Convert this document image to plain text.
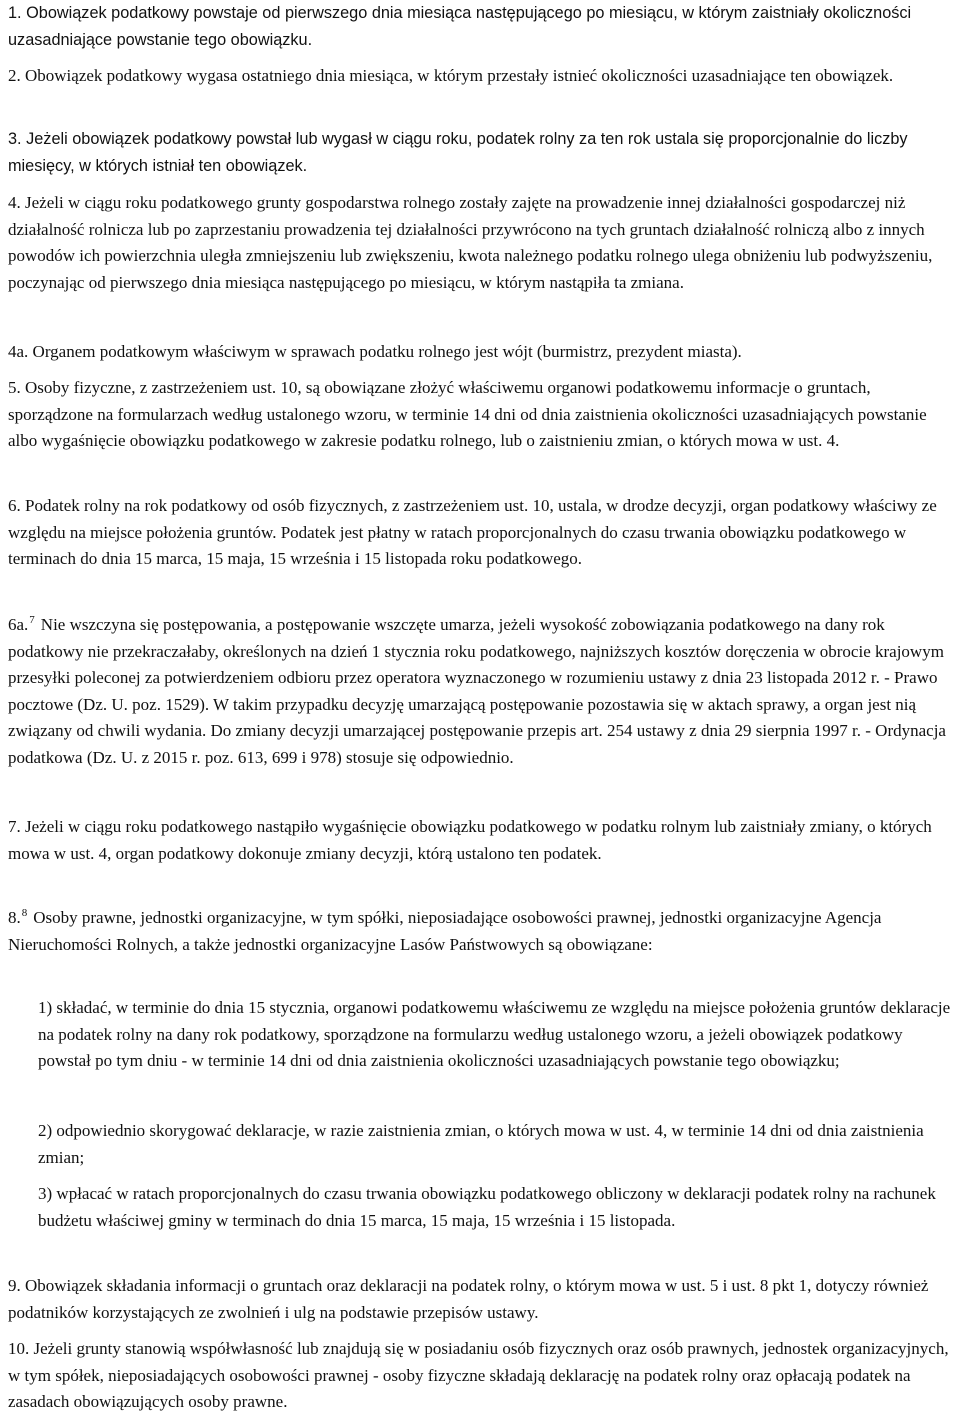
1. Obowiązek podatkowy powstaje od pierwszego dnia miesiąca następującego po miesiącu, w którym zaistniały okoliczności uzasadniające powstanie tego obowiązku.

2. Obowiązek podatkowy wygasa ostatniego dnia miesiąca, w którym przestały istnieć okoliczności uzasadniające ten obowiązek.

3. Jeżeli obowiązek podatkowy powstał lub wygasł w ciągu roku, podatek rolny za ten rok ustala się proporcjonalnie do liczby miesięcy, w których istniał ten obowiązek.

4. Jeżeli w ciągu roku podatkowego grunty gospodarstwa rolnego zostały zajęte na prowadzenie innej działalności gospodarczej niż działalność rolnicza lub po zaprzestaniu prowadzenia tej działalności przywrócono na tych gruntach działalność rolniczą albo z innych powodów ich powierzchnia uległa zmniejszeniu lub zwiększeniu, kwota należnego podatku rolnego ulega obniżeniu lub podwyższeniu, poczynając od pierwszego dnia miesiąca następującego po miesiącu, w którym nastąpiła ta zmiana.

4a. Organem podatkowym właściwym w sprawach podatku rolnego jest wójt (burmistrz, prezydent miasta).

5. Osoby fizyczne, z zastrzeżeniem ust. 10, są obowiązane złożyć właściwemu organowi podatkowemu informacje o gruntach, sporządzone na formularzach według ustalonego wzoru, w terminie 14 dni od dnia zaistnienia okoliczności uzasadniających powstanie albo wygaśnięcie obowiązku podatkowego w zakresie podatku rolnego, lub o zaistnieniu zmian, o których mowa w ust. 4.

6. Podatek rolny na rok podatkowy od osób fizycznych, z zastrzeżeniem ust. 10, ustala, w drodze decyzji, organ podatkowy właściwy ze względu na miejsce położenia gruntów. Podatek jest płatny w ratach proporcjonalnych do czasu trwania obowiązku podatkowego w terminach do dnia 15 marca, 15 maja, 15 września i 15 listopada roku podatkowego.

6a.$^7$ Nie wszczyna się postępowania, a postępowanie wszczęte umarza, jeżeli wysokość zobowiązania podatkowego na dany rok podatkowy nie przekraczałaby, określonych na dzień 1 stycznia roku podatkowego, najniższych kosztów doręczenia w obrocie krajowym przesyłki poleconej za potwierdzeniem odbioru przez operatora wyznaczonego w rozumieniu ustawy z dnia 23 listopada 2012 r. - Prawo pocztowe (Dz. U. poz. 1529). W takim przypadku decyzję umarzającą postępowanie pozostawia się w aktach sprawy, a organ jest nią związany od chwili wydania. Do zmiany decyzji umarzającej postępowanie przepis art. 254 ustawy z dnia 29 sierpnia 1997 r. - Ordynacja podatkowa (Dz. U. z 2015 r. poz. 613, 699 i 978) stosuje się odpowiednio.

7. Jeżeli w ciągu roku podatkowego nastąpiło wygaśnięcie obowiązku podatkowego w podatku rolnym lub zaistniały zmiany, o których mowa w ust. 4, organ podatkowy dokonuje zmiany decyzji, którą ustalono ten podatek.

8.$^8$ Osoby prawne, jednostki organizacyjne, w tym spółki, nieposiadające osobowości prawnej, jednostki organizacyjne Agencja Nieruchomości Rolnych, a także jednostki organizacyjne Lasów Państwowych są obowiązane:

1) składać, w terminie do dnia 15 stycznia, organowi podatkowemu właściwemu ze względu na miejsce położenia gruntów deklaracje na podatek rolny na dany rok podatkowy, sporządzone na formularzu według ustalonego wzoru, a jeżeli obowiązek podatkowy powstał po tym dniu - w terminie 14 dni od dnia zaistnienia okoliczności uzasadniających powstanie tego obowiązku;

2) odpowiednio skorygować deklaracje, w razie zaistnienia zmian, o których mowa w ust. 4, w terminie 14 dni od dnia zaistnienia zmian;

3) wpłacać w ratach proporcjonalnych do czasu trwania obowiązku podatkowego obliczony w deklaracji podatek rolny na rachunek budżetu właściwej gminy w terminach do dnia 15 marca, 15 maja, 15 września i 15 listopada.

9. Obowiązek składania informacji o gruntach oraz deklaracji na podatek rolny, o którym mowa w ust. 5 i ust. 8 pkt 1, dotyczy również podatników korzystających ze zwolnień i ulg na podstawie przepisów ustawy.

10. Jeżeli grunty stanowią współwłasność lub znajdują się w posiadaniu osób fizycznych oraz osób prawnych, jednostek organizacyjnych, w tym spółek, nieposiadających osobowości prawnej - osoby fizyczne składają deklarację na podatek rolny oraz opłacają podatek na zasadach obowiązujących osoby prawne.
